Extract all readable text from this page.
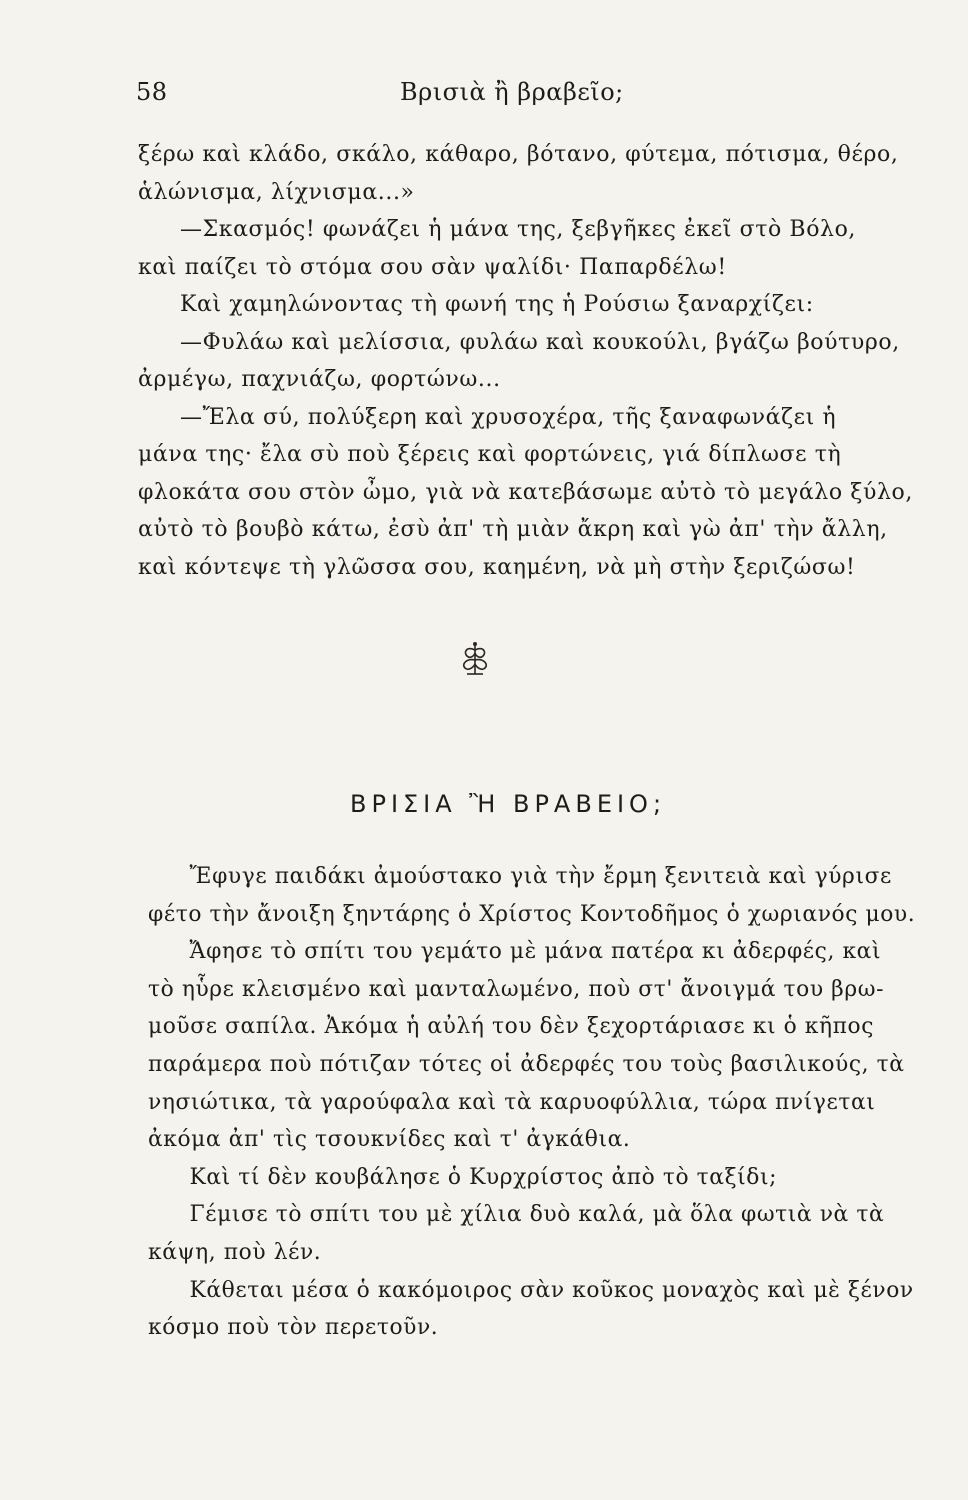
58	Βρισιὰ ἢ βραβεῖο;
ξέρω καὶ κλάδο, σκάλο, κάθαρο, βότανο, φύτεμα, πότισμα, θέρο,
ἁλώνισμα, λίχνισμα...»
—Σκασμός! φωνάζει ἡ μάνα της, ξεβγῆκες ἐκεῖ στὸ Βόλο,
καὶ παίζει τὸ στόμα σου σὰν ψαλίδι· Παπαρδέλω!
Καὶ χαμηλώνοντας τὴ φωνή της ἡ Ρούσιω ξαναρχίζει:
—Φυλάω καὶ μελίσσια, φυλάω καὶ κουκούλι, βγάζω βούτυρο,
ἀρμέγω, παχνιάζω, φορτώνω...
—Ἔλα σύ, πολύξερη καὶ χρυσοχέρα, τῆς ξαναφωνάζει ἡ
μάνα της· ἔλα σὺ ποὺ ξέρεις καὶ φορτώνεις, γιά δίπλωσε τὴ
φλοκάτα σου στὸν ὦμο, γιὰ νὰ κατεβάσωμε αὐτὸ τὸ μεγάλο ξύλο,
αὐτὸ τὸ βουβὸ κάτω, ἐσὺ ἀπ' τὴ μιὰν ἄκρη καὶ γὼ ἀπ' τὴν ἄλλη,
καὶ κόντεψε τὴ γλῶσσα σου, καημένη, νὰ μὴ στὴν ξεριζώσω!
ΒΡΙΣΙΑ Ἢ ΒΡΑΒΕΙΟ;
Ἔφυγε παιδάκι ἀμούστακο γιὰ τὴν ἔρμη ξενιτειὰ καὶ γύρισε
φέτο τὴν ἄνοιξη ξηντάρης ὁ Χρίστος Κοντοδῆμος ὁ χωριανός μου.
Ἄφησε τὸ σπίτι του γεμάτο μὲ μάνα πατέρα κι ἀδερφές, καὶ
τὸ ηὗρε κλεισμένο καὶ μανταλωμένο, ποὺ στ' ἄνοιγμά του βρω-
μοῦσε σαπίλα. Ἀκόμα ἡ αὐλή του δὲν ξεχορτάριασε κι ὁ κῆπος
παράμερα ποὺ πότιζαν τότες οἱ ἀδερφές του τοὺς βασιλικούς, τὰ
νησιώτικα, τὰ γαρούφαλα καὶ τὰ καρυοφύλλια, τώρα πνίγεται
ἀκόμα ἀπ' τὶς τσουκνίδες καὶ τ' ἀγκάθια.
Καὶ τί δὲν κουβάλησε ὁ Κυρχρίστος ἀπὸ τὸ ταξίδι;
Γέμισε τὸ σπίτι του μὲ χίλια δυὸ καλά, μὰ ὅλα φωτιὰ νὰ τὰ
κάψη, ποὺ λέν.
Κάθεται μέσα ὁ κακόμοιρος σὰν κοῦκος μοναχὸς καὶ μὲ ξένον
κόσμο ποὺ τὸν περετοῦν.
